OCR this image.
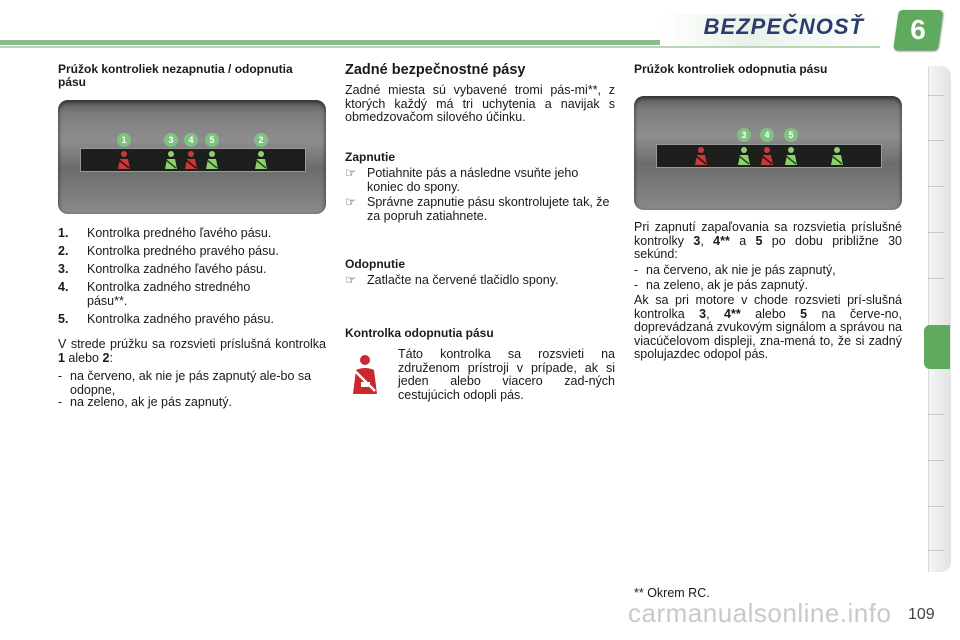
BEZPEČNOSŤ	6
Prúžok kontroliek nezapnutia / odopnutia pásu
1	3	4	5	2
1.	Kontrolka predného ľavého pásu.
2.	Kontrolka predného pravého pásu.
3.	Kontrolka zadného ľavého pásu.
4.	Kontrolka zadného stredného pásu**.
5.	Kontrolka zadného pravého pásu.
V strede prúžku sa rozsvieti príslušná kontrolka 1 alebo 2:
- na červeno, ak nie je pás zapnutý ale-bo sa odopne,
- na zeleno, ak je pás zapnutý.
Zadné bezpečnostné pásy
Zadné miesta sú vybavené tromi pás-mi**, z ktorých každý má tri uchytenia a navijak s obmedzovačom silového účinku.
Zapnutie
☞ Potiahnite pás a následne vsuňte jeho koniec do spony.
☞ Správne zapnutie pásu skontrolujete tak, že za popruh zatiahnete.
Odopnutie
☞ Zatlačte na červené tlačidlo spony.
Kontrolka odopnutia pásu
Táto kontrolka sa rozsvieti na združenom prístroji v prípade, ak si jeden alebo viacero zad-ných cestujúcich odopli pás.
Prúžok kontroliek odopnutia pásu
3	4	5
Pri zapnutí zapaľovania sa rozsvietia príslušné kontrolky 3, 4** a 5 po dobu približne 30 sekúnd:
- na červeno, ak nie je pás zapnutý,
- na zeleno, ak je pás zapnutý.
Ak sa pri motore v chode rozsvieti prí-slušná kontrolka 3, 4** alebo 5 na červe-no, doprevádzaná zvukovým signálom a správou na viacúčelovom displeji, zna-mená to, že si zadný spolujazdec odopol pás.
** Okrem RC.
carmanualsonline.info 109
